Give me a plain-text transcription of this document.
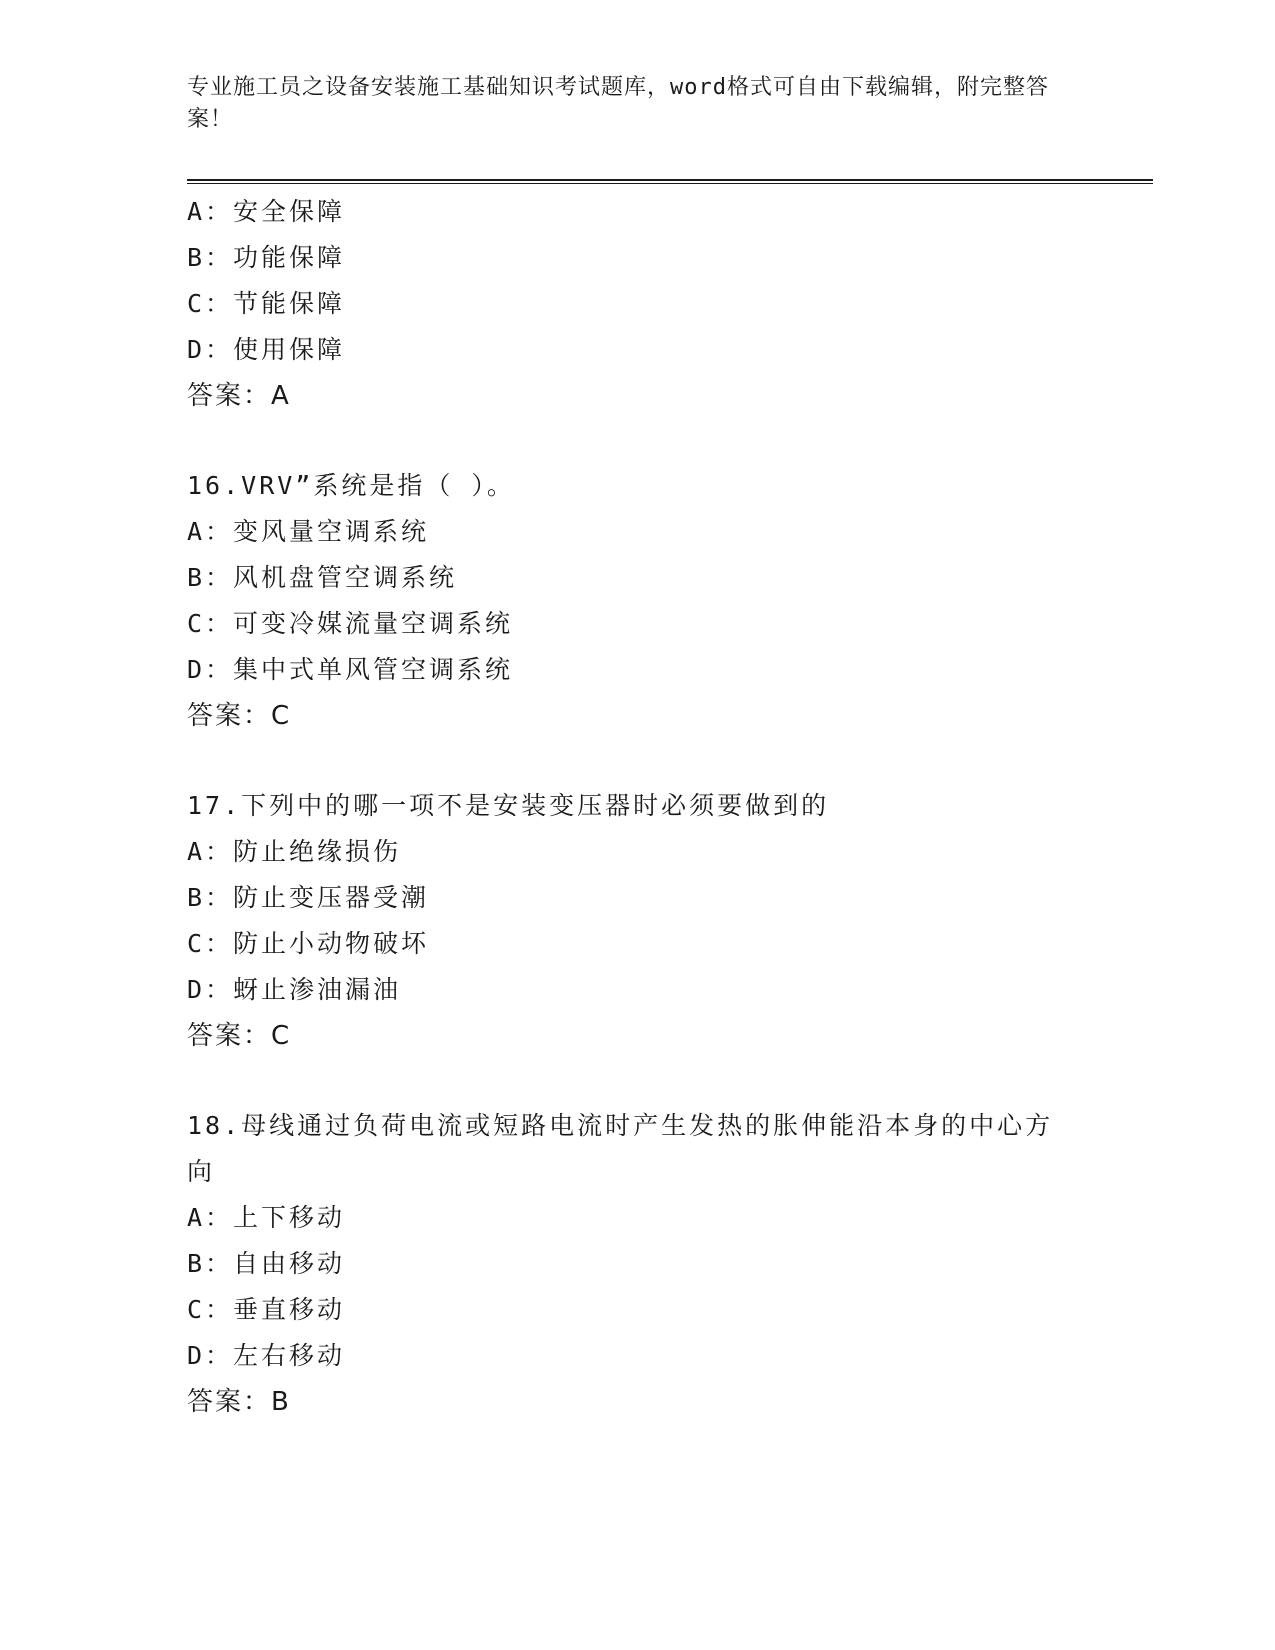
专业施工员之设备安装施工基础知识考试题库，word格式可自由下载编辑，附完整答案！
A：安全保障
B：功能保障
C：节能保障
D：使用保障
答案：A
16.VRV”系统是指（ ）。
A：变风量空调系统
B：风机盘管空调系统
C：可变冷媒流量空调系统
D：集中式单风管空调系统
答案：C
17.下列中的哪一项不是安装变压器时必须要做到的
A：防止绝缘损伤
B：防止变压器受潮
C：防止小动物破坏
D：蚜止渗油漏油
答案：C
18.母线通过负荷电流或短路电流时产生发热的胀伸能沿本身的中心方向
A：上下移动
B：自由移动
C：垂直移动
D：左右移动
答案：B
